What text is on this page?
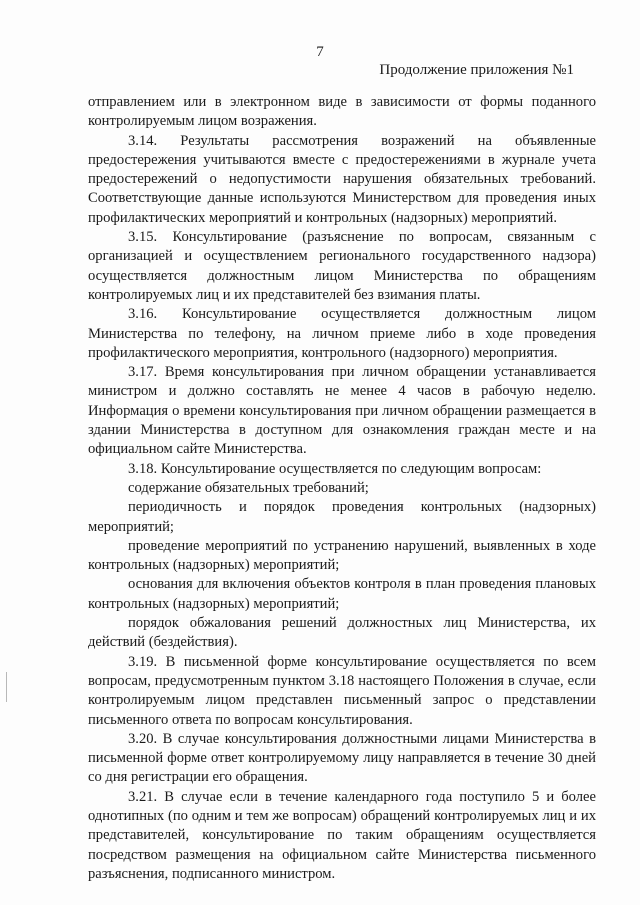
7
Продолжение приложения №1

отправлением или в электронном виде в зависимости от формы поданного контролируемым лицом возражения.

3.14. Результаты рассмотрения возражений на объявленные предостережения учитываются вместе с предостережениями в журнале учета предостережений о недопустимости нарушения обязательных требований. Соответствующие данные используются Министерством для проведения иных профилактических мероприятий и контрольных (надзорных) мероприятий.

3.15. Консультирование (разъяснение по вопросам, связанным с организацией и осуществлением регионального государственного надзора) осуществляется должностным лицом Министерства по обращениям контролируемых лиц и их представителей без взимания платы.

3.16. Консультирование осуществляется должностным лицом Министерства по телефону, на личном приеме либо в ходе проведения профилактического мероприятия, контрольного (надзорного) мероприятия.

3.17. Время консультирования при личном обращении устанавливается министром и должно составлять не менее 4 часов в рабочую неделю. Информация о времени консультирования при личном обращении размещается в здании Министерства в доступном для ознакомления граждан месте и на официальном сайте Министерства.

3.18. Консультирование осуществляется по следующим вопросам:

содержание обязательных требований;

периодичность и порядок проведения контрольных (надзорных) мероприятий;

проведение мероприятий по устранению нарушений, выявленных в ходе контрольных (надзорных) мероприятий;

основания для включения объектов контроля в план проведения плановых контрольных (надзорных) мероприятий;

порядок обжалования решений должностных лиц Министерства, их действий (бездействия).

3.19. В письменной форме консультирование осуществляется по всем вопросам, предусмотренным пунктом 3.18 настоящего Положения в случае, если контролируемым лицом представлен письменный запрос о представлении письменного ответа по вопросам консультирования.

3.20. В случае консультирования должностными лицами Министерства в письменной форме ответ контролируемому лицу направляется в течение 30 дней со дня регистрации его обращения.

3.21. В случае если в течение календарного года поступило 5 и более однотипных (по одним и тем же вопросам) обращений контролируемых лиц и их представителей, консультирование по таким обращениям осуществляется посредством размещения на официальном сайте Министерства письменного разъяснения, подписанного министром.
